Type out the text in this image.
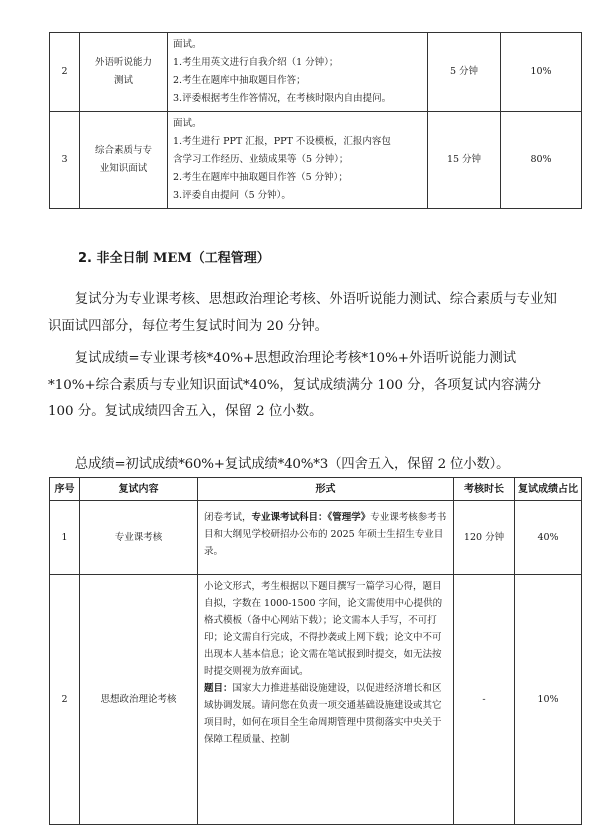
2	外语听说能力测试	面试。
1.考生用英文进行自我介绍（1 分钟）；
2.考生在题库中抽取题目作答；
3.评委根据考生作答情况，在考核时限内自由提问。	5 分钟	10%
3	综合素质与专业知识面试	面试。
1.考生进行 PPT 汇报，PPT 不设模板，汇报内容包
含学习工作经历、业绩成果等（5 分钟）；
2.考生在题库中抽取题目作答（5 分钟）；
3.评委自由提问（5 分钟）。	15 分钟	80%
2. 非全日制 MEM（工程管理）

复试分为专业课考核、思想政治理论考核、外语听说能力测试、综合素质与专业知识面试四部分，每位考生复试时间为 20 分钟。

复试成绩=专业课考核*40%+思想政治理论考核*10%+外语听说能力测试*10%+综合素质与专业知识面试*40%，复试成绩满分 100 分，各项复试内容满分 100 分。复试成绩四舍五入，保留 2 位小数。

总成绩=初试成绩*60%+复试成绩*40%*3（四舍五入，保留 2 位小数）。

序号	复试内容	形式	考核时长	复试成绩占比
1	专业课考核	闭卷考试，专业课考试科目：《管理学》专业课考核参考书目和大纲见学校研招办公布的 2025 年硕士生招生专业目录。	120 分钟	40%
2	思想政治理论考核	小论文形式，考生根据以下题目撰写一篇学习心得，题目自拟，字数在 1000-1500 字间，论文需使用中心提供的格式模板（备中心网站下载）；论文需本人手写，不可打印；论文需自行完成，不得抄袭或上网下载；论文中不可出现本人基本信息；论文需在笔试报到时提交，如无法按时提交则视为放弃面试。
题目：国家大力推进基础设施建设，以促进经济增长和区域协调发展。请问您在负责一项交通基础设施建设或其它项目时，如何在项目全生命周期管理中贯彻落实中央关于保障工程质量、控制	-	10%
